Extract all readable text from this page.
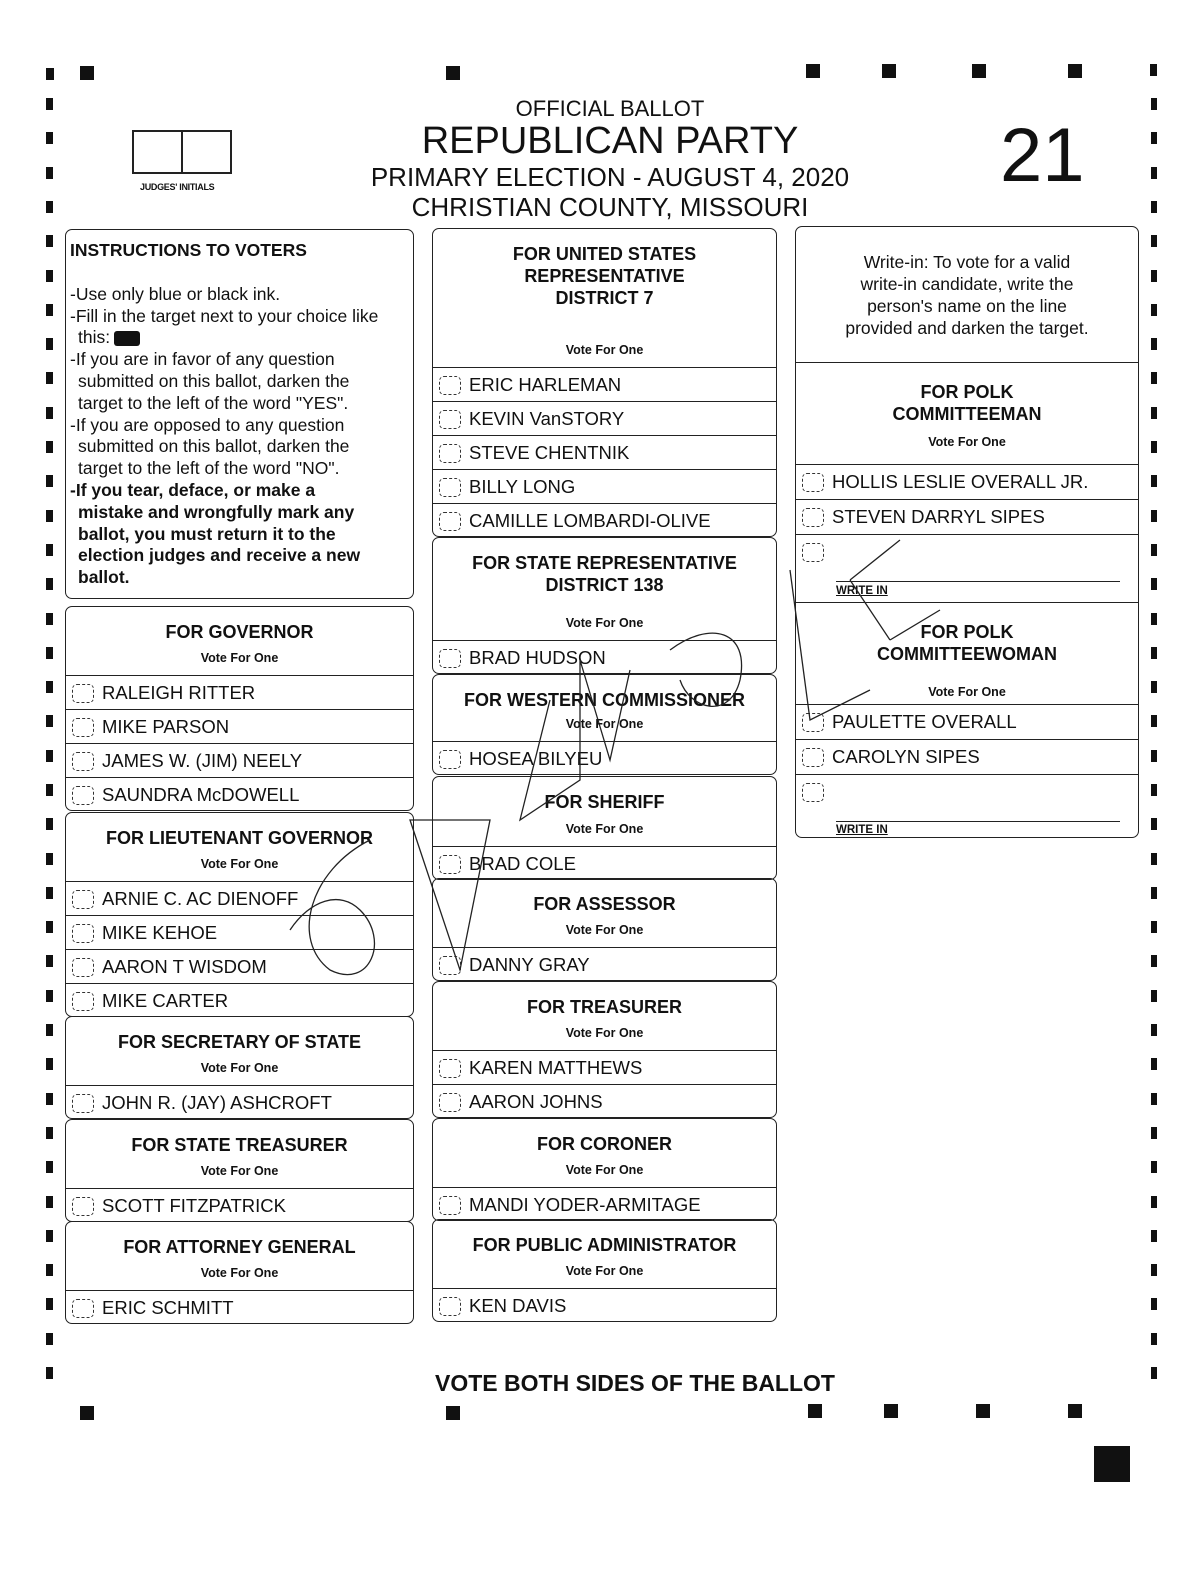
JUDGES' INITIALS
OFFICIAL BALLOT
REPUBLICAN PARTY
PRIMARY ELECTION - AUGUST 4, 2020
CHRISTIAN COUNTY, MISSOURI
21
INSTRUCTIONS TO VOTERS
-Use only blue or black ink.
-Fill in the target next to your choice like
this:
-If you are in favor of any question
submitted on this ballot, darken the
target to the left of the word "YES".
-If you are opposed to any question
submitted on this ballot, darken the
target to the left of the word "NO".
-If you tear, deface, or make a
mistake and wrongfully mark any
ballot, you must return it to the
election judges and receive a new
ballot.
FOR GOVERNOR
Vote For One
RALEIGH RITTER
MIKE PARSON
JAMES W. (JIM) NEELY
SAUNDRA McDOWELL
FOR LIEUTENANT GOVERNOR
Vote For One
ARNIE C. AC DIENOFF
MIKE KEHOE
AARON T WISDOM
MIKE CARTER
FOR SECRETARY OF STATE
Vote For One
JOHN R. (JAY) ASHCROFT
FOR STATE TREASURER
Vote For One
SCOTT FITZPATRICK
FOR ATTORNEY GENERAL
Vote For One
ERIC SCHMITT
FOR UNITED STATES
REPRESENTATIVE
DISTRICT 7
Vote For One
ERIC HARLEMAN
KEVIN VanSTORY
STEVE CHENTNIK
BILLY LONG
CAMILLE LOMBARDI-OLIVE
FOR STATE REPRESENTATIVE
DISTRICT 138
Vote For One
BRAD HUDSON
FOR WESTERN COMMISSIONER
Vote For One
HOSEA BILYEU
FOR SHERIFF
Vote For One
BRAD COLE
FOR ASSESSOR
Vote For One
DANNY GRAY
FOR TREASURER
Vote For One
KAREN MATTHEWS
AARON JOHNS
FOR CORONER
Vote For One
MANDI YODER-ARMITAGE
FOR PUBLIC ADMINISTRATOR
Vote For One
KEN DAVIS
Write-in: To vote for a valid
write-in candidate, write the
person's name on the line
provided and darken the target.
FOR POLK
COMMITTEEMAN
Vote For One
HOLLIS LESLIE OVERALL JR.
STEVEN DARRYL SIPES
WRITE IN
FOR POLK
COMMITTEEWOMAN
Vote For One
PAULETTE OVERALL
CAROLYN SIPES
WRITE IN
VOTE BOTH SIDES OF THE BALLOT
